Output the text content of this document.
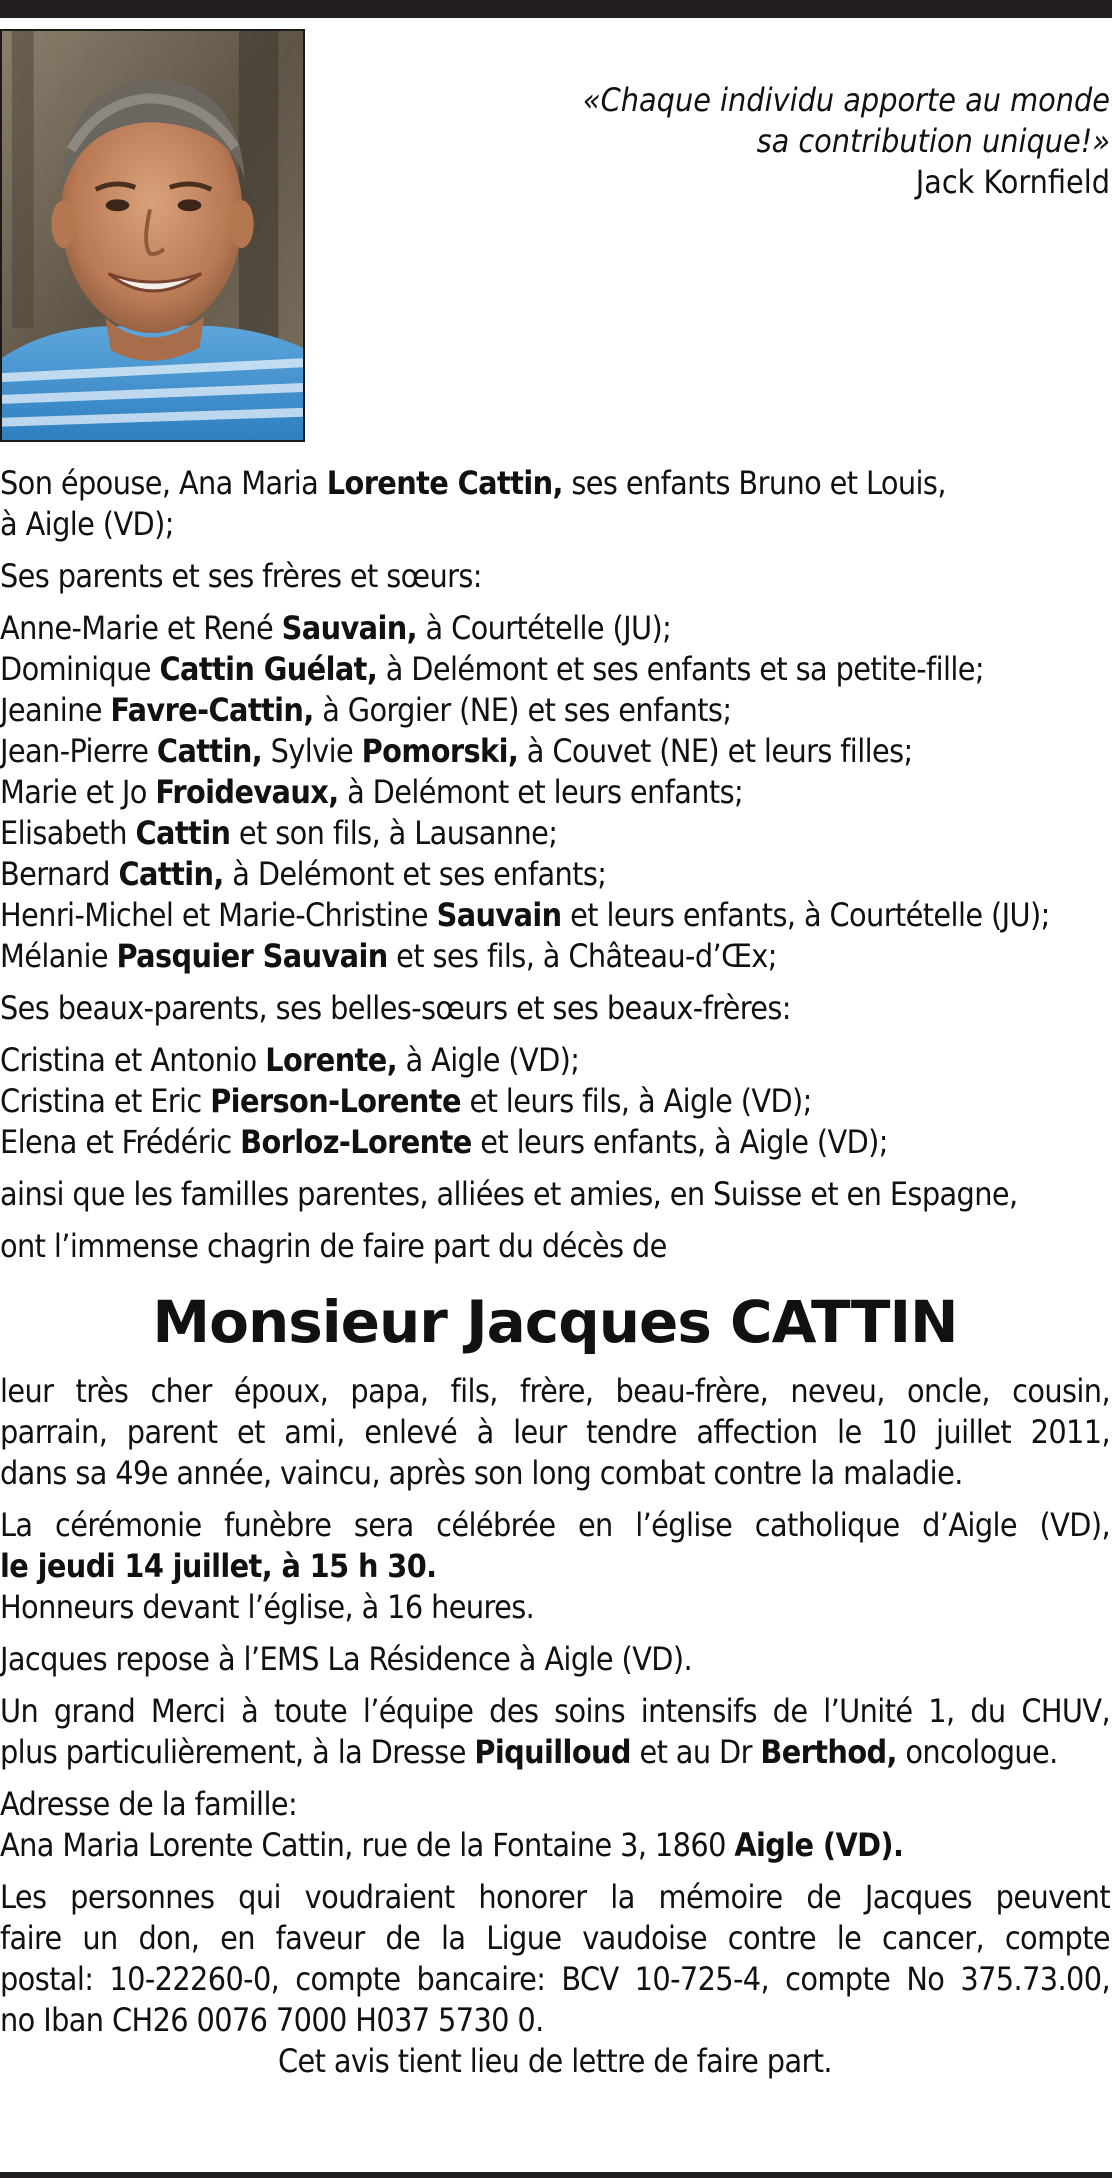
«Chaque individu apporte au monde
sa contribution unique!»
Jack Kornfield

Son épouse, Ana Maria Lorente Cattin, ses enfants Bruno et Louis,
à Aigle (VD);

Ses parents et ses frères et sœurs:

Anne-Marie et René Sauvain, à Courtételle (JU);
Dominique Cattin Guélat, à Delémont et ses enfants et sa petite-fille;
Jeanine Favre-Cattin, à Gorgier (NE) et ses enfants;
Jean-Pierre Cattin, Sylvie Pomorski, à Couvet (NE) et leurs filles;
Marie et Jo Froidevaux, à Delémont et leurs enfants;
Elisabeth Cattin et son fils, à Lausanne;
Bernard Cattin, à Delémont et ses enfants;
Henri-Michel et Marie-Christine Sauvain et leurs enfants, à Courtételle (JU);
Mélanie Pasquier Sauvain et ses fils, à Château-d’Œx;

Ses beaux-parents, ses belles-sœurs et ses beaux-frères:

Cristina et Antonio Lorente, à Aigle (VD);
Cristina et Eric Pierson-Lorente et leurs fils, à Aigle (VD);
Elena et Frédéric Borloz-Lorente et leurs enfants, à Aigle (VD);

ainsi que les familles parentes, alliées et amies, en Suisse et en Espagne,

ont l’immense chagrin de faire part du décès de

Monsieur Jacques CATTIN

leur très cher époux, papa, fils, frère, beau-frère, neveu, oncle, cousin,
parrain, parent et ami, enlevé à leur tendre affection le 10 juillet 2011,
dans sa 49e année, vaincu, après son long combat contre la maladie.

La cérémonie funèbre sera célébrée en l’église catholique d’Aigle (VD),
le jeudi 14 juillet, à 15 h 30.
Honneurs devant l’église, à 16 heures.

Jacques repose à l’EMS La Résidence à Aigle (VD).

Un grand Merci à toute l’équipe des soins intensifs de l’Unité 1, du CHUV,
plus particulièrement, à la Dresse Piquilloud et au Dr Berthod, oncologue.

Adresse de la famille:
Ana Maria Lorente Cattin, rue de la Fontaine 3, 1860 Aigle (VD).

Les personnes qui voudraient honorer la mémoire de Jacques peuvent
faire un don, en faveur de la Ligue vaudoise contre le cancer, compte
postal: 10-22260-0, compte bancaire: BCV 10-725-4, compte No 375.73.00,
no Iban CH26 0076 7000 H037 5730 0.

Cet avis tient lieu de lettre de faire part.
